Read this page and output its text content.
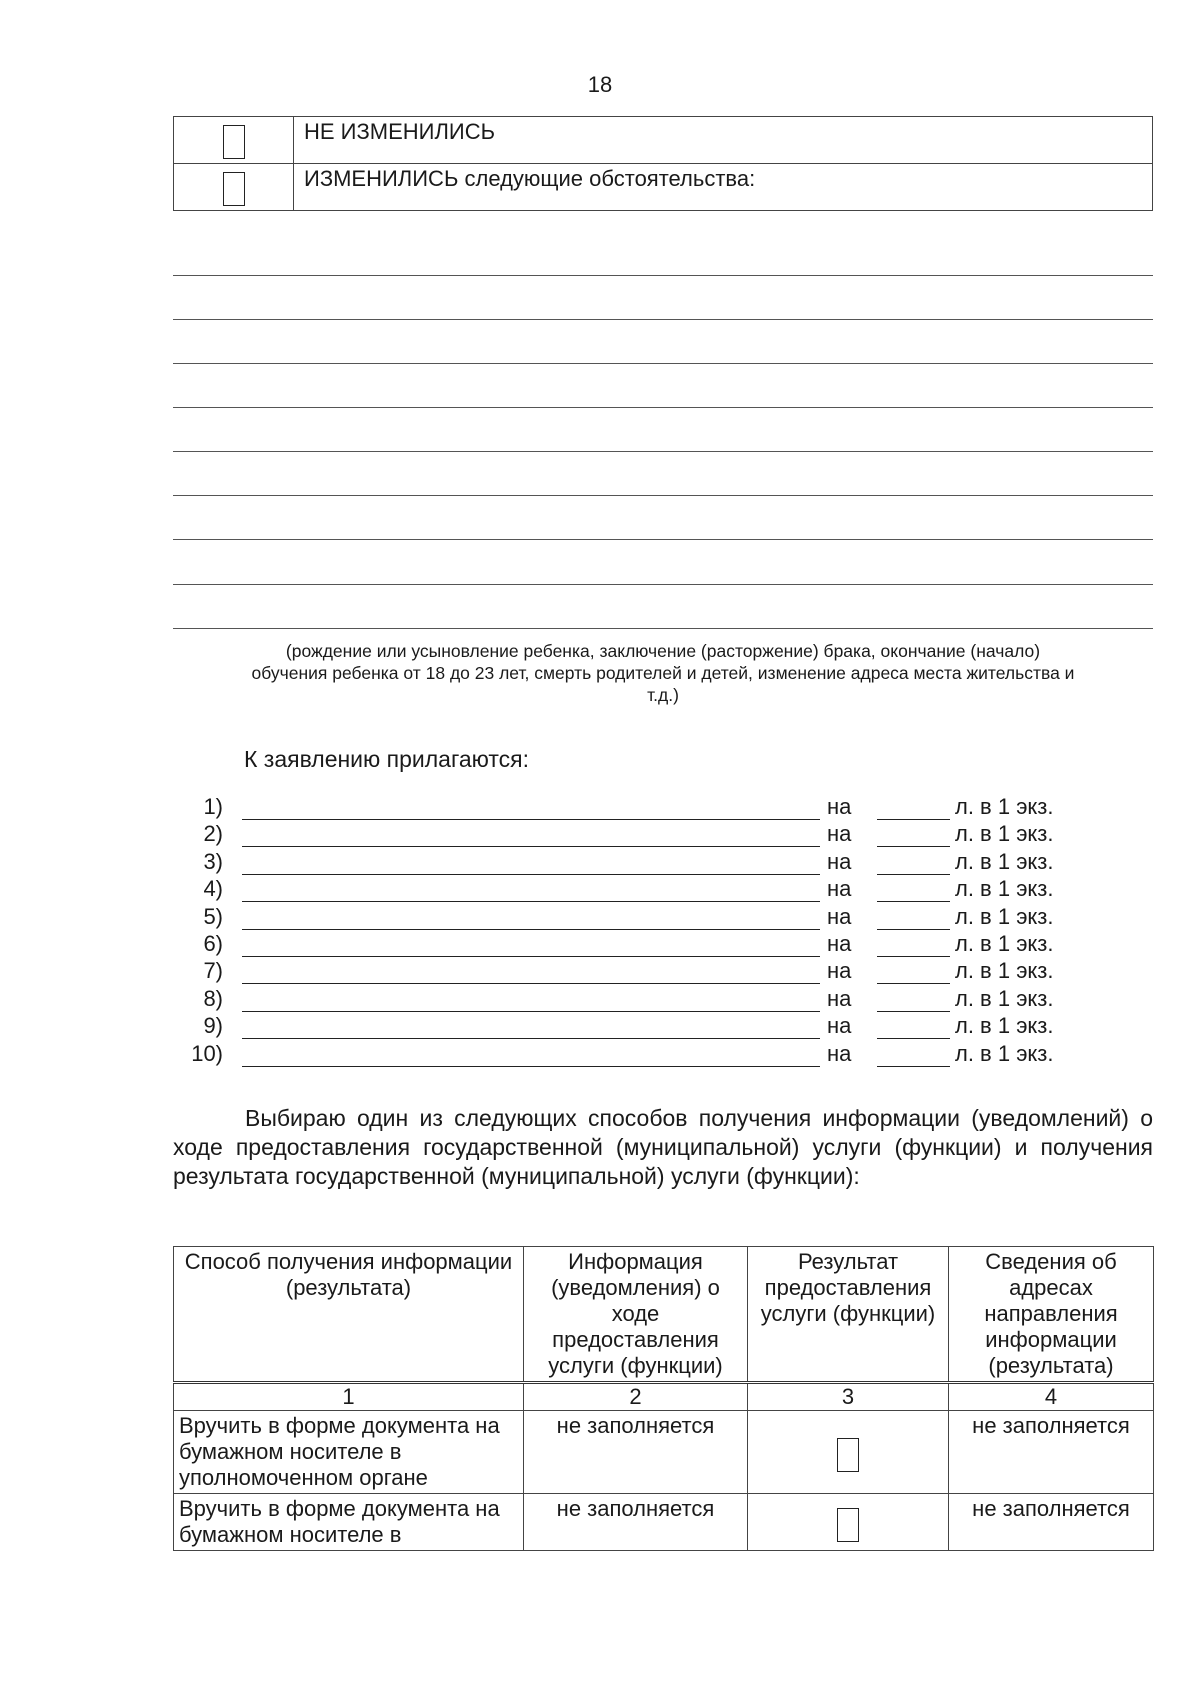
18
	НЕ ИЗМЕНИЛИСЬ
	ИЗМЕНИЛИСЬ следующие обстоятельства:
(рождение или усыновление ребенка, заключение (расторжение) брака, окончание (начало)
обучения ребенка от 18 до 23 лет, смерть родителей и детей, изменение адреса места жительства и
т.д.)
К заявлению прилагаются:
1)	на	л. в 1 экз.
2)	на	л. в 1 экз.
3)	на	л. в 1 экз.
4)	на	л. в 1 экз.
5)	на	л. в 1 экз.
6)	на	л. в 1 экз.
7)	на	л. в 1 экз.
8)	на	л. в 1 экз.
9)	на	л. в 1 экз.
10)	на	л. в 1 экз.

Выбираю один из следующих способов получения информации (уведомлений) о ходе предоставления государственной (муниципальной) услуги (функции) и получения результата государственной (муниципальной) услуги (функции):

Способ получения информации (результата)	Информация (уведомления) о ходе предоставления услуги (функции)	Результат предоставления услуги (функции)	Сведения об адресах направления информации (результата)
1	2	3	4
Вручить в форме документа на бумажном носителе в уполномоченном органе	не заполняется		не заполняется
Вручить в форме документа на бумажном носителе в	не заполняется		не заполняется
